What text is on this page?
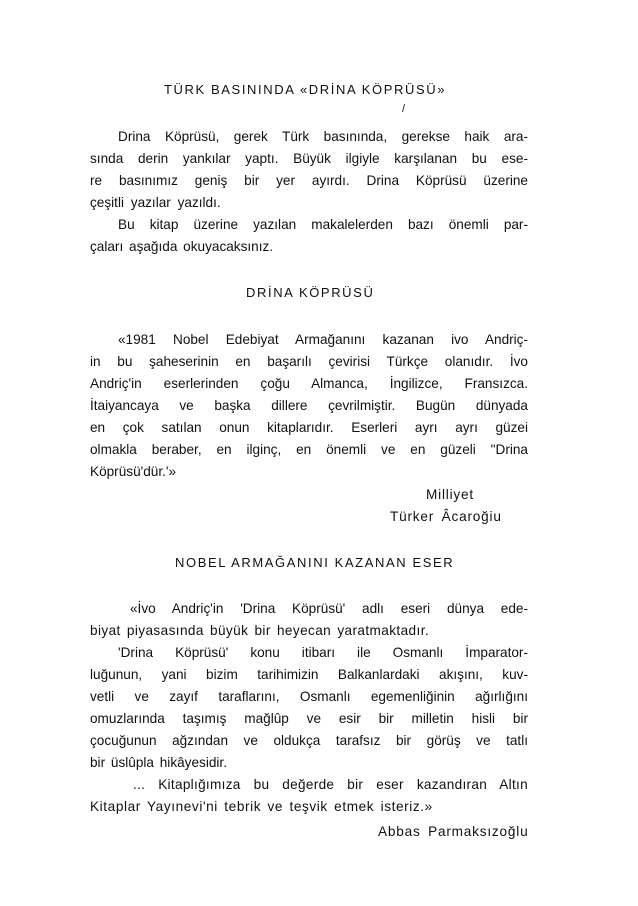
TÜRK BASININDA «DRİNA KÖPRÜSÜ»
/
Drina Köprüsü, gerek Türk basınında, gerekse haik ara-
sında derin yankılar yaptı. Büyük ilgiyle karşılanan bu ese-
re basınımız geniş bir yer ayırdı. Drina Köprüsü üzerine
çeşitli yazılar yazıldı.
Bu kitap üzerine yazılan makalelerden bazı önemli par-
çaları aşağıda okuyacaksınız.
DRİNA KÖPRÜSÜ
«1981 Nobel Edebiyat Armağanını kazanan ivo Andriç-
in bu şaheserinin en başarılı çevirisi Türkçe olanıdır. İvo
Andriç'in eserlerinden çoğu Almanca, İngilizce, Fransızca.
İtaiyancaya ve başka dillere çevrilmiştir. Bugün dünyada
en çok satılan onun kitaplarıdır. Eserleri ayrı ayrı güzei
olmakla beraber, en ilginç, en önemli ve en güzeli "Drina
Köprüsü'dür.'»
Milliyet
Türker Âcaroğiu
NOBEL ARMAĞANINI KAZANAN ESER
«İvo Andriç'in 'Drina Köprüsü' adlı eseri dünya ede-
biyat piyasasında büyük bir heyecan yaratmaktadır.
'Drina Köprüsü' konu itibarı ile Osmanlı İmparator-
luğunun, yani bizim tarihimizin Balkanlardaki akışını, kuv-
vetli ve zayıf taraflarını, Osmanlı egemenliğinin ağırlığını
omuzlarında taşımış mağlûp ve esir bir milletin hisli bir
çocuğunun ağzından ve oldukça tarafsız bir görüş ve tatlı
bir üslûpla hikâyesidir.
... Kitaplığımıza bu değerde bir eser kazandıran Altın
Kitaplar Yayınevi'ni tebrik ve teşvik etmek isteriz.»
Abbas Parmaksızoğlu
